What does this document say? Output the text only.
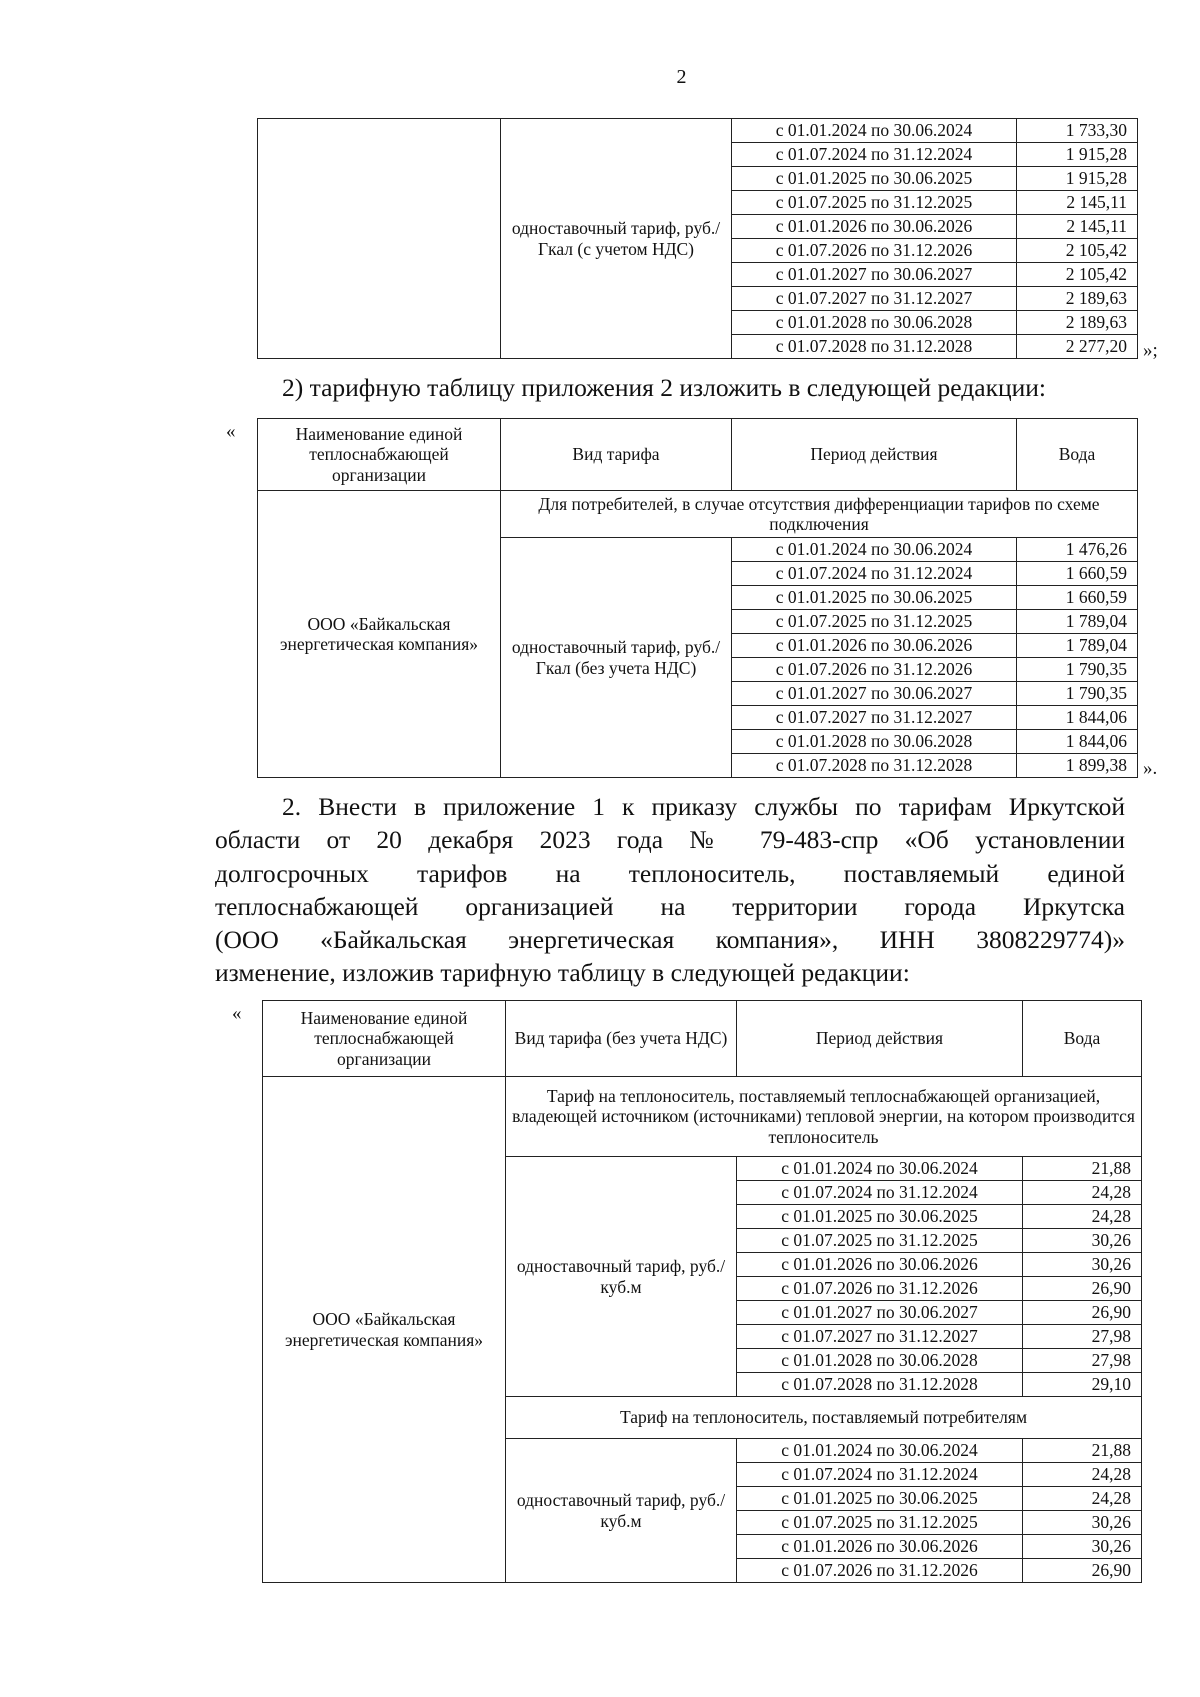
2
	одноставочный тариф, руб./Гкал (с учетом НДС)	с 01.01.2024 по 30.06.2024	1 733,30
		с 01.07.2024 по 31.12.2024	1 915,28
		с 01.01.2025 по 30.06.2025	1 915,28
		с 01.07.2025 по 31.12.2025	2 145,11
		с 01.01.2026 по 30.06.2026	2 145,11
		с 01.07.2026 по 31.12.2026	2 105,42
		с 01.01.2027 по 30.06.2027	2 105,42
		с 01.07.2027 по 31.12.2027	2 189,63
		с 01.01.2028 по 30.06.2028	2 189,63
		с 01.07.2028 по 31.12.2028	2 277,20 »;
2) тарифную таблицу приложения 2 изложить в следующей редакции:
«	Наименование единой теплоснабжающей организации	Вид тарифа	Период действия	Вода
ООО «Байкальская энергетическая компания»	Для потребителей, в случае отсутствия дифференциации тарифов по схеме подключения		
	одноставочный тариф, руб./Гкал (без учета НДС)	с 01.01.2024 по 30.06.2024	1 476,26
		с 01.07.2024 по 31.12.2024	1 660,59
		с 01.01.2025 по 30.06.2025	1 660,59
		с 01.07.2025 по 31.12.2025	1 789,04
		с 01.01.2026 по 30.06.2026	1 789,04
		с 01.07.2026 по 31.12.2026	1 790,35
		с 01.01.2027 по 30.06.2027	1 790,35
		с 01.07.2027 по 31.12.2027	1 844,06
		с 01.01.2028 по 30.06.2028	1 844,06
		с 01.07.2028 по 31.12.2028	1 899,38 ».
2. Внести в приложение 1 к приказу службы по тарифам Иркутской
области от 20 декабря 2023 года № 79-483-спр «Об установлении
долгосрочных тарифов на теплоноситель, поставляемый единой
теплоснабжающей организацией на территории города Иркутска
(ООО «Байкальская энергетическая компания», ИНН 3808229774)»
изменение, изложив тарифную таблицу в следующей редакции:
«	Наименование единой теплоснабжающей организации	Вид тарифа (без учета НДС)	Период действия	Вода
ООО «Байкальская энергетическая компания»	Тариф на теплоноситель, поставляемый теплоснабжающей организацией, владеющей источником (источниками) тепловой энергии, на котором производится теплоноситель		
	одноставочный тариф, руб./куб.м	с 01.01.2024 по 30.06.2024	21,88
		с 01.07.2024 по 31.12.2024	24,28
		с 01.01.2025 по 30.06.2025	24,28
		с 01.07.2025 по 31.12.2025	30,26
		с 01.01.2026 по 30.06.2026	30,26
		с 01.07.2026 по 31.12.2026	26,90
		с 01.01.2027 по 30.06.2027	26,90
		с 01.07.2027 по 31.12.2027	27,98
		с 01.01.2028 по 30.06.2028	27,98
		с 01.07.2028 по 31.12.2028	29,10
	Тариф на теплоноситель, поставляемый потребителям		
	одноставочный тариф, руб./куб.м	с 01.01.2024 по 30.06.2024	21,88
		с 01.07.2024 по 31.12.2024	24,28
		с 01.01.2025 по 30.06.2025	24,28
		с 01.07.2025 по 31.12.2025	30,26
		с 01.01.2026 по 30.06.2026	30,26
		с 01.07.2026 по 31.12.2026	26,90
